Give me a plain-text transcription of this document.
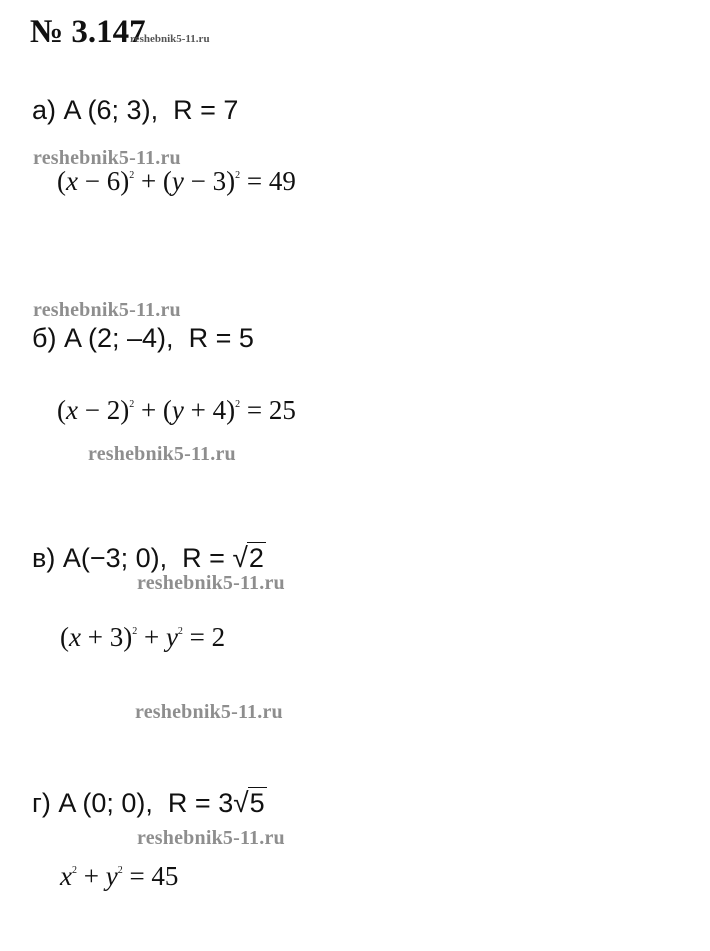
№ 3.147
reshebnik5-11.ru
а) A (6; 3), R = 7
reshebnik5-11.ru
$(x - 6)^2 + (y - 3)^2 = 49$
reshebnik5-11.ru
б) A (2; –4), R = 5
$(x - 2)^2 + (y + 4)^2 = 25$
reshebnik5-11.ru
в) A(−3; 0), R = √2
reshebnik5-11.ru
$(x + 3)^2 + y^2 = 2$
reshebnik5-11.ru
г) A (0; 0), R = 3√5
reshebnik5-11.ru
$x^2 + y^2 = 45$
